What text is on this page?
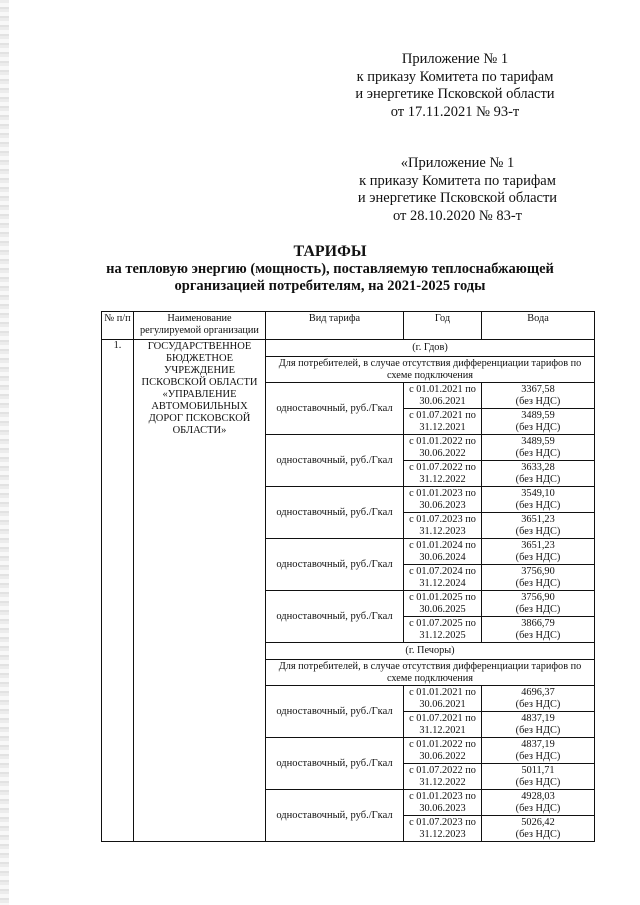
Приложение № 1
к приказу Комитета по тарифам
и энергетике Псковской области
от 17.11.2021 № 93-т
«Приложение № 1
к приказу Комитета по тарифам
и энергетике Псковской области
от 28.10.2020 № 83-т
ТАРИФЫ
на тепловую энергию (мощность), поставляемую теплоснабжающей
организацией потребителям, на 2021-2025 годы
№ п/п	Наименование регулируемой организации	Вид тарифа	Год	Вода
1.	ГОСУДАРСТВЕННОЕ БЮДЖЕТНОЕ УЧРЕЖДЕНИЕ ПСКОВСКОЙ ОБЛАСТИ «УПРАВЛЕНИЕ АВТОМОБИЛЬНЫХ ДОРОГ ПСКОВСКОЙ ОБЛАСТИ»	(г. Гдов)		
		Для потребителей, в случае отсутствия дифференциации тарифов по схеме подключения		
		одноставочный, руб./Гкал	с 01.01.2021 по 30.06.2021	3367,58
(без НДС)

			с 01.07.2021 по 31.12.2021	3489,59
(без НДС)

		одноставочный, руб./Гкал	с 01.01.2022 по 30.06.2022	3489,59
(без НДС)

			с 01.07.2022 по 31.12.2022	3633,28
(без НДС)

		одноставочный, руб./Гкал	с 01.01.2023 по 30.06.2023	3549,10
(без НДС)

			с 01.07.2023 по 31.12.2023	3651,23
(без НДС)

		одноставочный, руб./Гкал	с 01.01.2024 по 30.06.2024	3651,23
(без НДС)

			с 01.07.2024 по 31.12.2024	3756,90
(без НДС)

		одноставочный, руб./Гкал	с 01.01.2025 по 30.06.2025	3756,90
(без НДС)

			с 01.07.2025 по 31.12.2025	3866,79
(без НДС)

		(г. Печоры)		
		Для потребителей, в случае отсутствия дифференциации тарифов по схеме подключения		
		одноставочный, руб./Гкал	с 01.01.2021 по 30.06.2021	4696,37
(без НДС)

			с 01.07.2021 по 31.12.2021	4837,19
(без НДС)

		одноставочный, руб./Гкал	с 01.01.2022 по 30.06.2022	4837,19
(без НДС)

			с 01.07.2022 по 31.12.2022	5011,71
(без НДС)

		одноставочный, руб./Гкал	с 01.01.2023 по 30.06.2023	4928,03
(без НДС)

			с 01.07.2023 по 31.12.2023	5026,42
(без НДС)
